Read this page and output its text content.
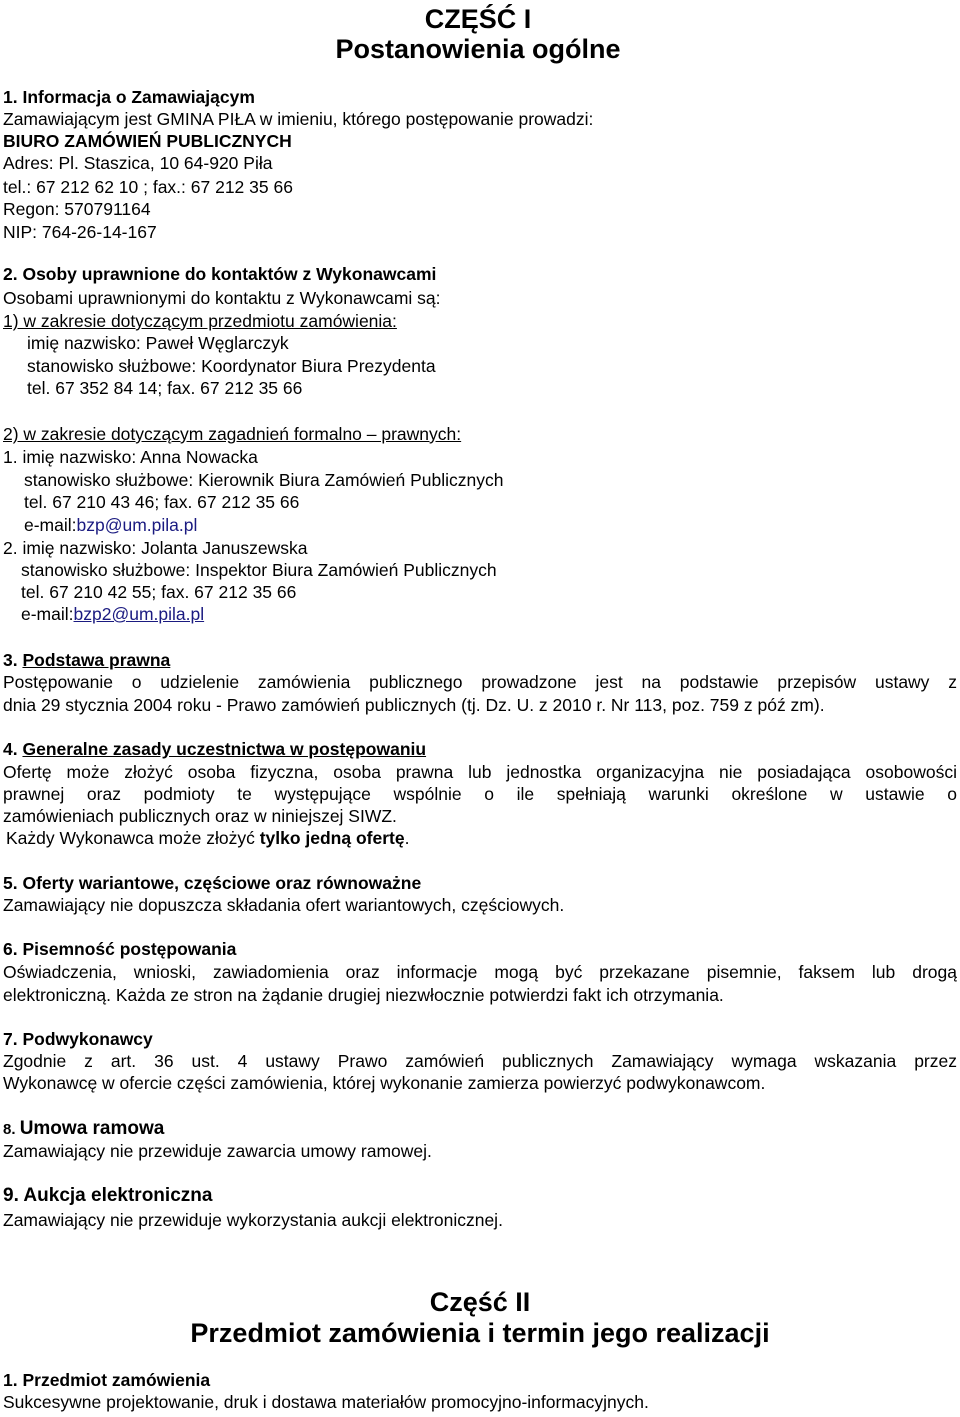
CZĘŚĆ I
Postanowienia ogólne
1. Informacja o Zamawiającym
Zamawiającym jest GMINA PIŁA w imieniu, którego postępowanie prowadzi:
BIURO ZAMÓWIEŃ PUBLICZNYCH
Adres: Pl. Staszica, 10 64-920 Piła
tel.: 67 212 62 10 ; fax.: 67 212 35 66
Regon: 570791164
NIP: 764-26-14-167
2. Osoby uprawnione do kontaktów z Wykonawcami
Osobami uprawnionymi do kontaktu z Wykonawcami są:
1) w zakresie dotyczącym przedmiotu zamówienia:
imię nazwisko: Paweł Węglarczyk
stanowisko służbowe: Koordynator Biura Prezydenta
tel. 67 352 84 14; fax. 67 212 35 66
2) w zakresie dotyczącym zagadnień formalno – prawnych:
1. imię nazwisko: Anna Nowacka
stanowisko służbowe: Kierownik Biura Zamówień Publicznych
tel. 67 210 43 46; fax. 67 212 35 66
e-mail:bzp@um.pila.pl
2. imię nazwisko: Jolanta Januszewska
stanowisko służbowe: Inspektor Biura Zamówień Publicznych
tel. 67 210 42 55; fax. 67 212 35 66
e-mail:bzp2@um.pila.pl
3. Podstawa prawna
Postępowanie o udzielenie zamówienia publicznego prowadzone jest na podstawie przepisów ustawy z
dnia 29 stycznia 2004 roku - Prawo zamówień publicznych (tj. Dz. U. z 2010 r. Nr 113, poz. 759 z póź zm).
4. Generalne zasady uczestnictwa w postępowaniu
Ofertę może złożyć osoba fizyczna, osoba prawna lub jednostka organizacyjna nie posiadająca osobowości
prawnej oraz podmioty te występujące wspólnie o ile spełniają warunki określone w ustawie o
zamówieniach publicznych oraz w niniejszej SIWZ.
Każdy Wykonawca może złożyć tylko jedną ofertę.
5. Oferty wariantowe, częściowe oraz równoważne
Zamawiający nie dopuszcza składania ofert wariantowych, częściowych.
6. Pisemność postępowania
Oświadczenia, wnioski, zawiadomienia oraz informacje mogą być przekazane pisemnie, faksem lub drogą
elektroniczną. Każda ze stron na żądanie drugiej niezwłocznie potwierdzi fakt ich otrzymania.
7. Podwykonawcy
Zgodnie z art. 36 ust. 4 ustawy Prawo zamówień publicznych Zamawiający wymaga wskazania przez
Wykonawcę w ofercie części zamówienia, której wykonanie zamierza powierzyć podwykonawcom.
8. Umowa ramowa
Zamawiający nie przewiduje zawarcia umowy ramowej.
9. Aukcja elektroniczna
Zamawiający nie przewiduje wykorzystania aukcji elektronicznej.
Część II
Przedmiot zamówienia i termin jego realizacji
1. Przedmiot zamówienia
Sukcesywne projektowanie, druk i dostawa materiałów promocyjno-informacyjnych.
